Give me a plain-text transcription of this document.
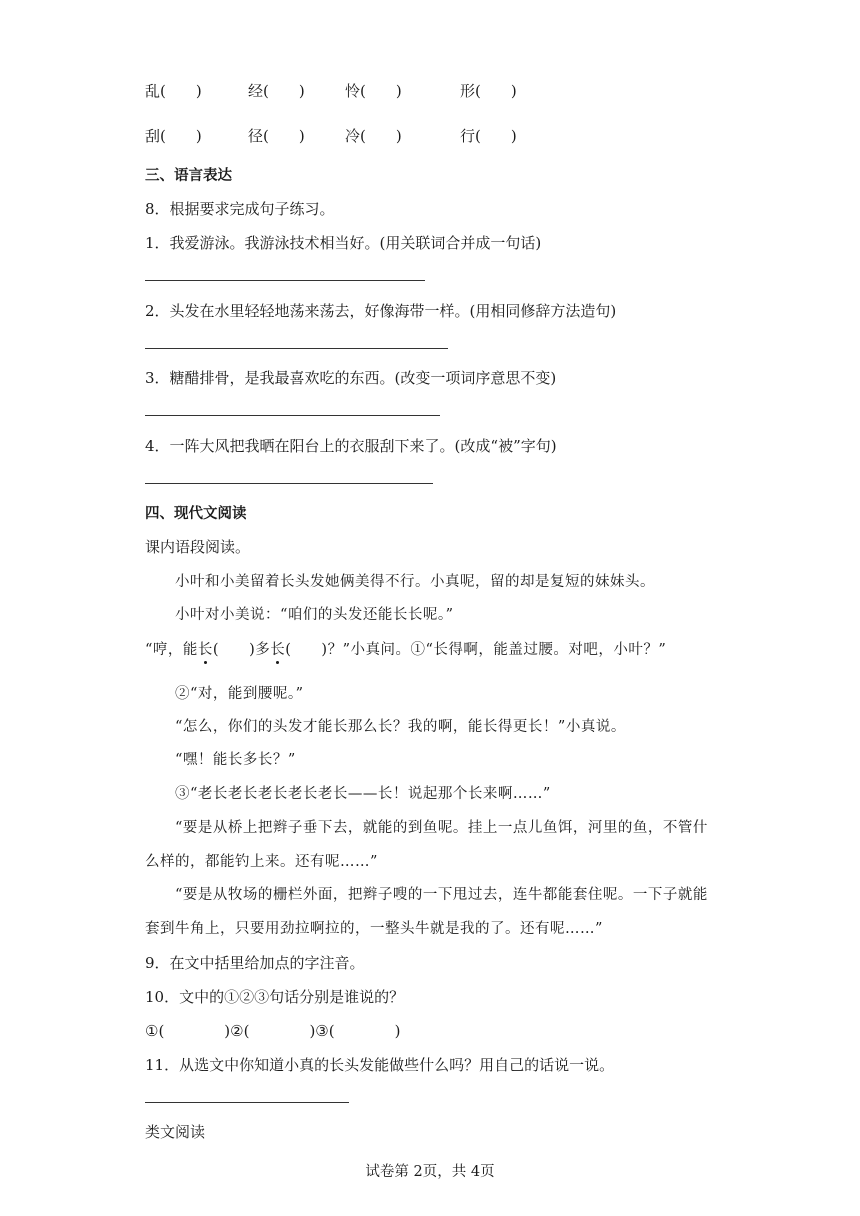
乱(　　)	经(　　)	怜(　　)	形(　　)
刮(　　)	径(　　)	冷(　　)	行(　　)
三、语言表达
8．根据要求完成句子练习。
1．我爱游泳。我游泳技术相当好。(用关联词合并成一句话)
2．头发在水里轻轻地荡来荡去，好像海带一样。(用相同修辞方法造句)
3．糖醋排骨，是我最喜欢吃的东西。(改变一项词序意思不变)
4．一阵大风把我晒在阳台上的衣服刮下来了。(改成“被”字句)
四、现代文阅读
课内语段阅读。
小叶和小美留着长头发她俩美得不行。小真呢，留的却是复短的妹妹头。
小叶对小美说：“咱们的头发还能长长呢。”
“哼，能长(　　)多长(　　)？”小真问。①“长得啊，能盖过腰。对吧，小叶？”
②“对，能到腰呢。”
“怎么，你们的头发才能长那么长？我的啊，能长得更长！”小真说。
“嘿！能长多长？”
③“老长老长老长老长老长——长！说起那个长来啊……”
“要是从桥上把辫子垂下去，就能的到鱼呢。挂上一点儿鱼饵，河里的鱼，不管什
么样的，都能钓上来。还有呢……”
“要是从牧场的栅栏外面，把辫子嗖的一下甩过去，连牛都能套住呢。一下子就能
套到牛角上，只要用劲拉啊拉的，一整头牛就是我的了。还有呢……”
9．在文中括里给加点的字注音。
10．文中的①②③句话分别是谁说的？
①(　　　　)②(　　　　)③(　　　　)
11．从选文中你知道小真的长头发能做些什么吗？用自己的话说一说。
类文阅读
试卷第 2页，共 4页
